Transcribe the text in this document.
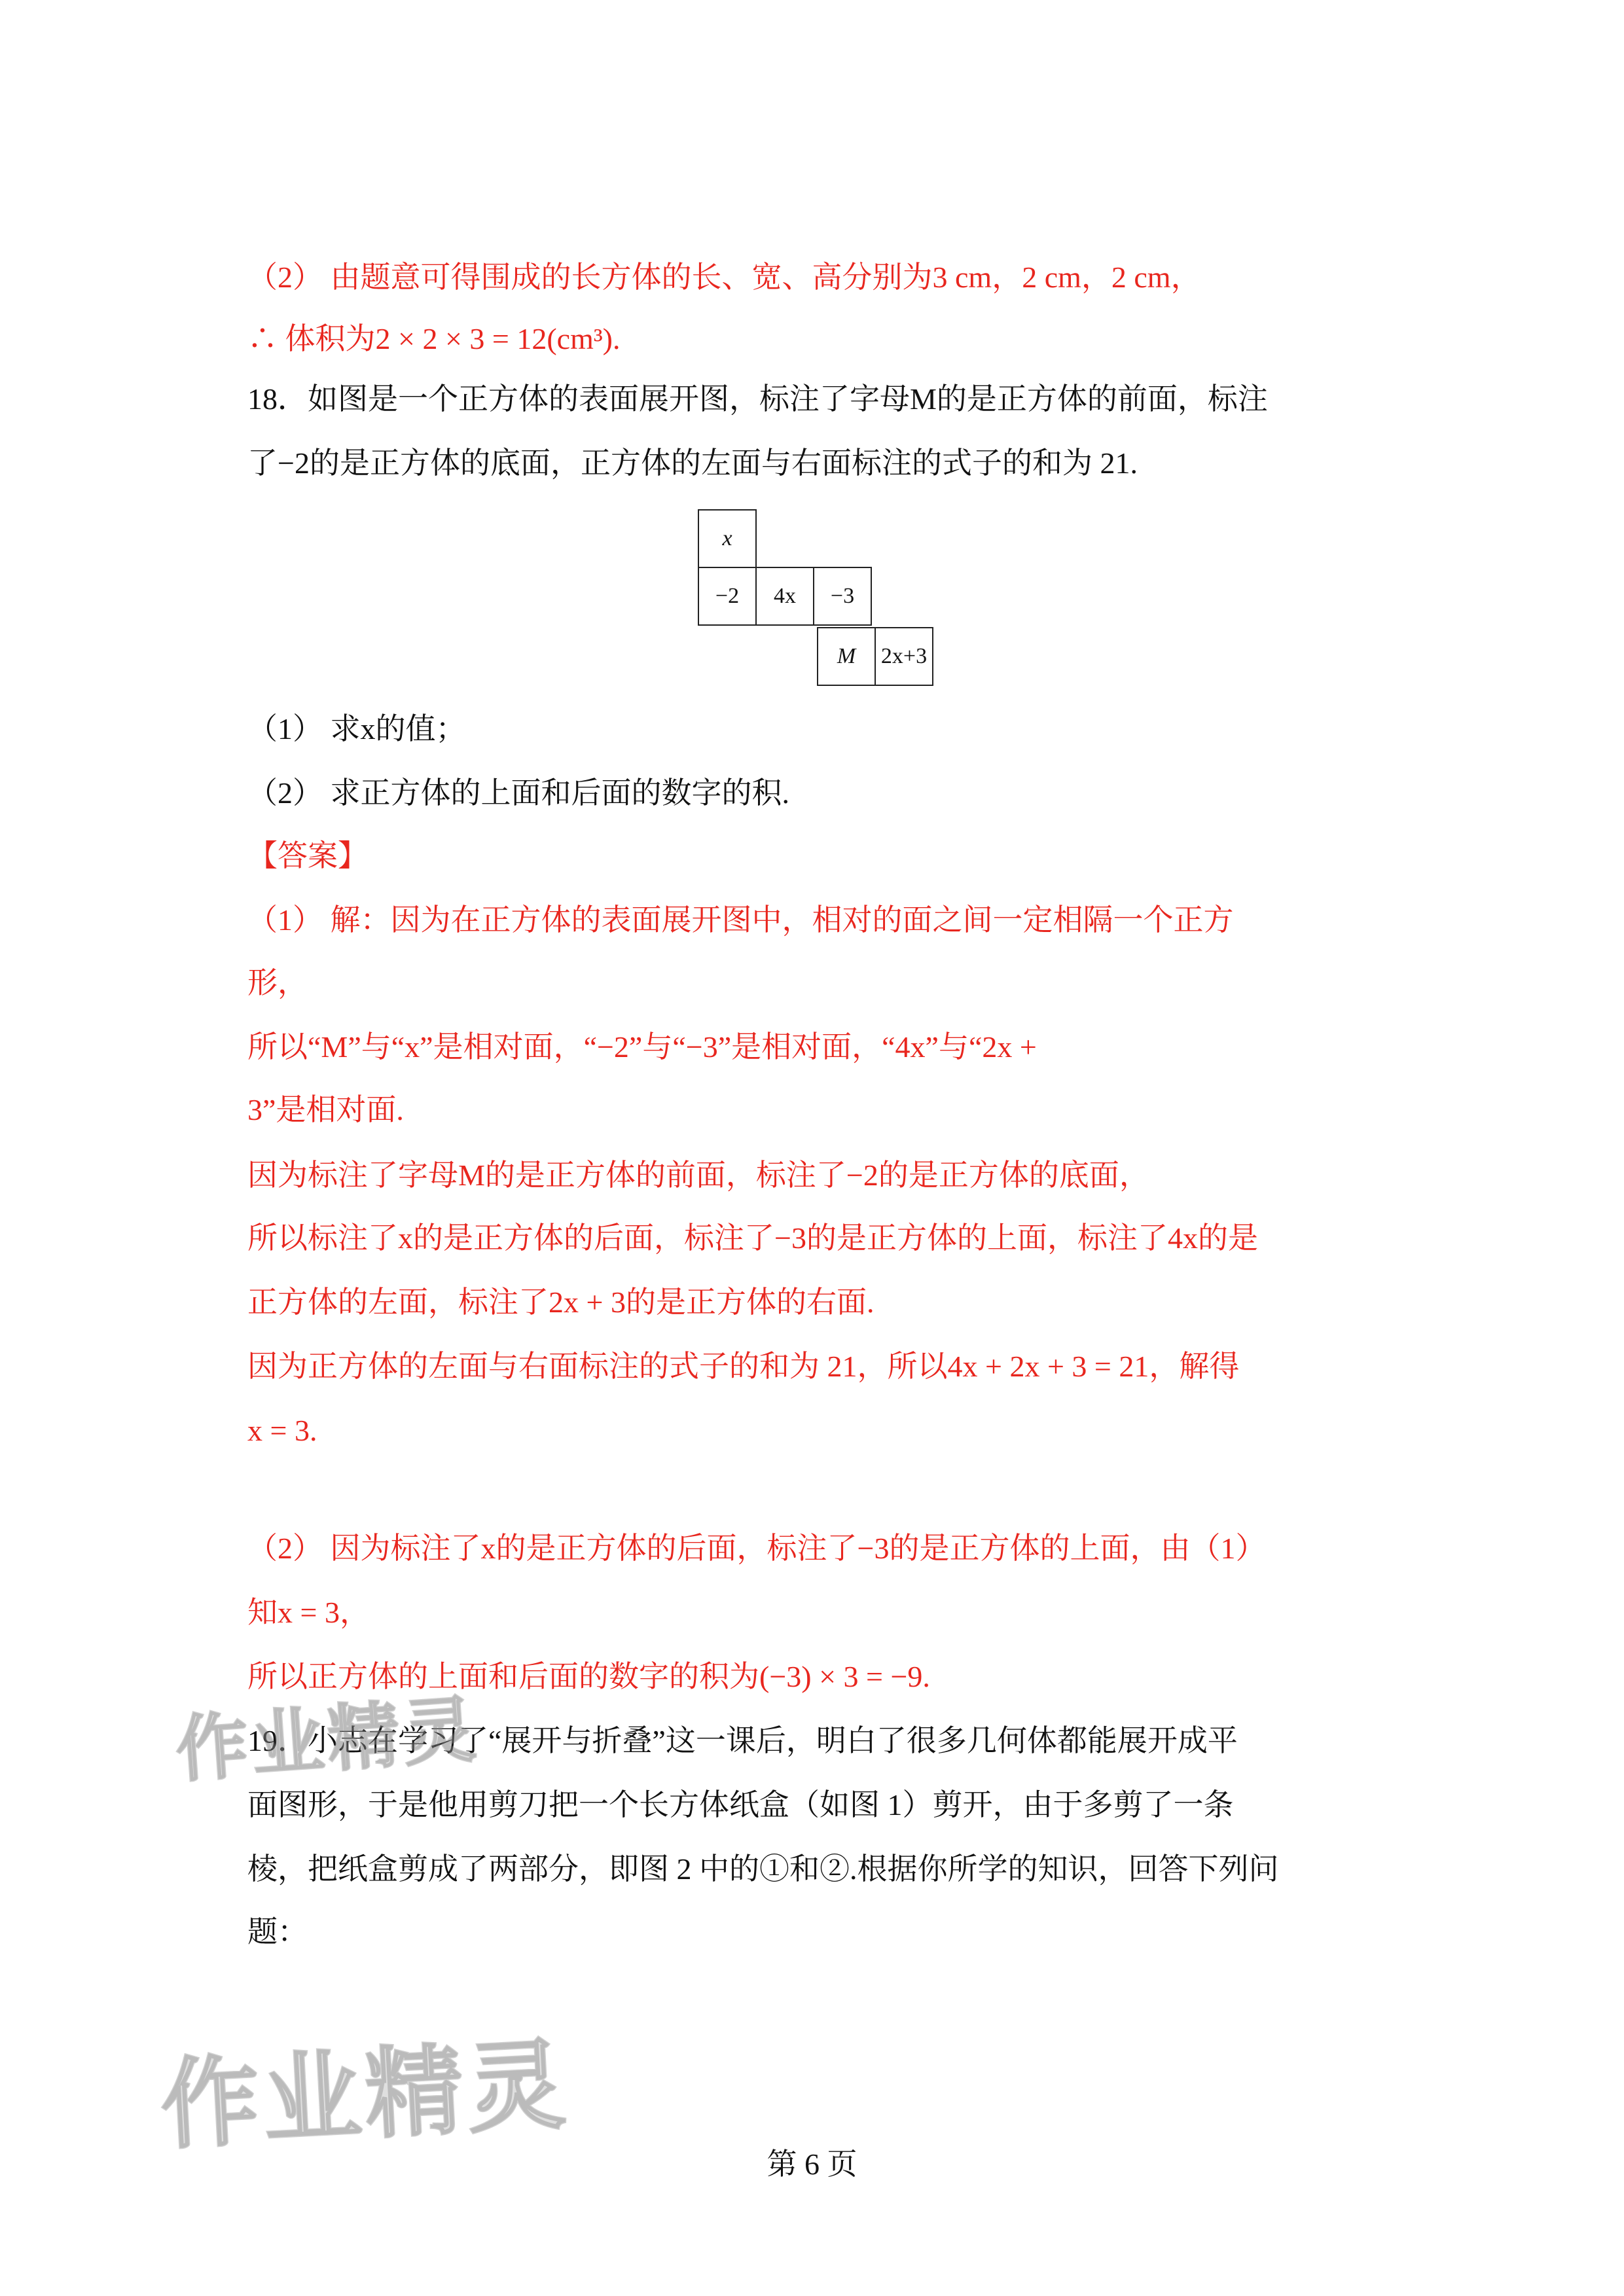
（2） 由题意可得围成的长方体的长、宽、高分别为3 cm，2 cm，2 cm，
∴ 体积为2 × 2 × 3 = 12(cm³).
18．如图是一个正方体的表面展开图，标注了字母M的是正方体的前面，标注
了−2的是正方体的底面，正方体的左面与右面标注的式子的和为 21.
x
−2	4x	−3
M 2x+3
（1） 求x的值；
（2） 求正方体的上面和后面的数字的积.
【答案】
（1） 解：因为在正方体的表面展开图中，相对的面之间一定相隔一个正方
形，
所以“M”与“x”是相对面，“−2”与“−3”是相对面，“4x”与“2x +
3”是相对面.
因为标注了字母M的是正方体的前面，标注了−2的是正方体的底面，
所以标注了x的是正方体的后面，标注了−3的是正方体的上面，标注了4x的是
正方体的左面，标注了2x + 3的是正方体的右面.
因为正方体的左面与右面标注的式子的和为 21，所以4x + 2x + 3 = 21，解得
x = 3.
（2） 因为标注了x的是正方体的后面，标注了−3的是正方体的上面，由（1）
知x = 3，
所以正方体的上面和后面的数字的积为(−3) × 3 = −9.
19．小志在学习了“展开与折叠”这一课后，明白了很多几何体都能展开成平
面图形，于是他用剪刀把一个长方体纸盒（如图 1）剪开，由于多剪了一条
棱，把纸盒剪成了两部分，即图 2 中的①和②.根据你所学的知识，回答下列问
题：
作业精灵
作业精灵
第 6 页
